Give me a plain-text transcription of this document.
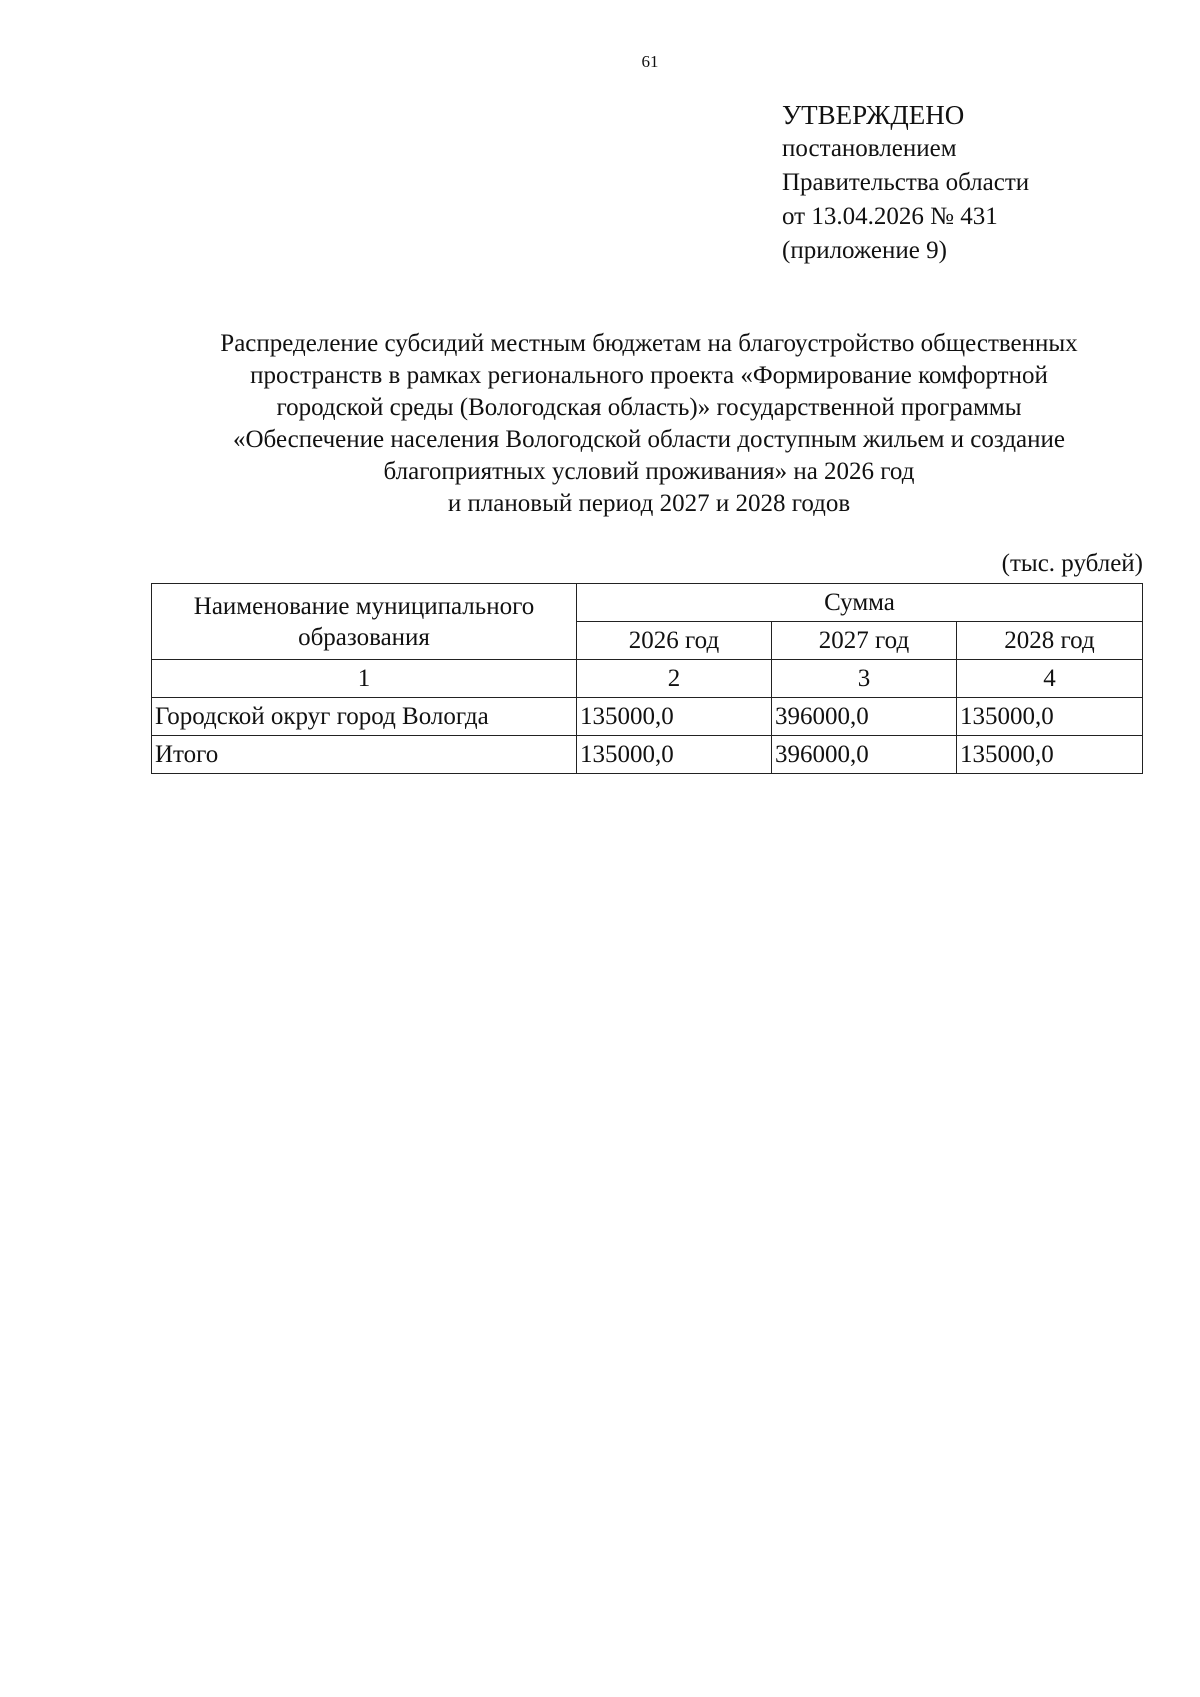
61
УТВЕРЖДЕНО
постановлением
Правительства области
от 13.04.2026 № 431
(приложение 9)
Распределение субсидий местным бюджетам на благоустройство общественных
пространств в рамках регионального проекта «Формирование комфортной
городской среды (Вологодская область)» государственной программы
«Обеспечение населения Вологодской области доступным жильем и создание
благоприятных условий проживания» на 2026 год
и плановый период 2027 и 2028 годов
(тыс. рублей)
Наименование муниципального образования	Сумма		
	2026 год	2027 год	2028 год
1	2	3	4
Городской округ город Вологда	135000,0	396000,0	135000,0
Итого	135000,0	396000,0	135000,0
